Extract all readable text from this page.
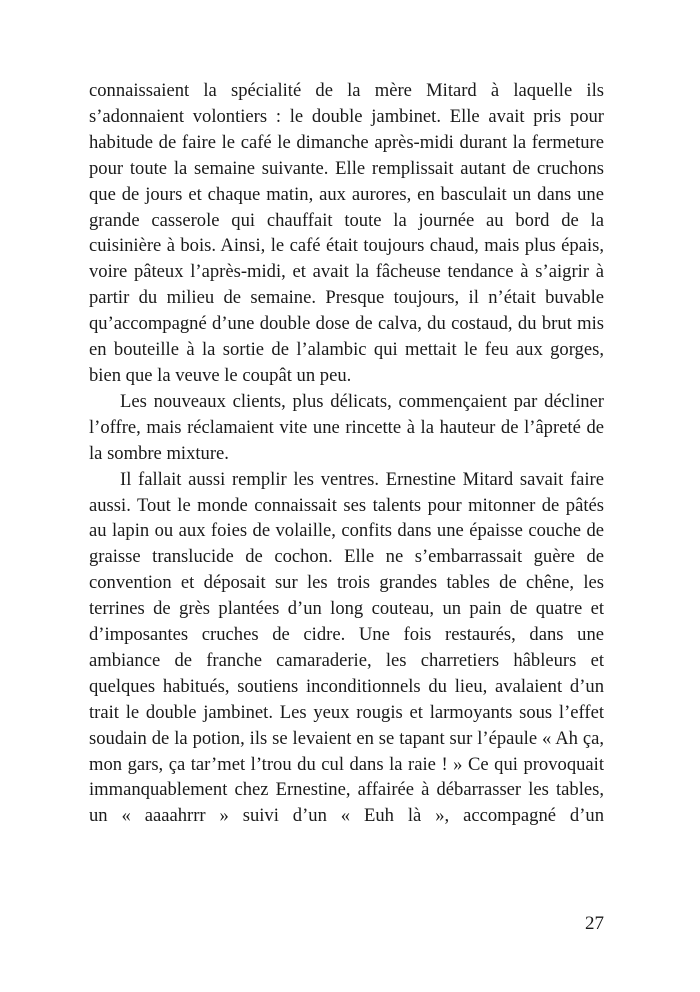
connaissaient la spécialité de la mère Mitard à laquelle ils s’adonnaient volontiers : le double jambinet. Elle avait pris pour habitude de faire le café le dimanche après-midi durant la fermeture pour toute la semaine suivante. Elle remplissait autant de cruchons que de jours et chaque matin, aux aurores, en basculait un dans une grande casserole qui chauffait toute la journée au bord de la cuisinière à bois. Ainsi, le café était toujours chaud, mais plus épais, voire pâteux l’après-midi, et avait la fâcheuse tendance à s’aigrir à partir du milieu de semaine. Presque toujours, il n’était buvable qu’accompagné d’une double dose de calva, du costaud, du brut mis en bouteille à la sortie de l’alambic qui mettait le feu aux gorges, bien que la veuve le coupât un peu.

Les nouveaux clients, plus délicats, commençaient par décliner l’offre, mais réclamaient vite une rincette à la hauteur de l’âpreté de la sombre mixture.

Il fallait aussi remplir les ventres. Ernestine Mitard savait faire aussi. Tout le monde connaissait ses talents pour mitonner de pâtés au lapin ou aux foies de volaille, confits dans une épaisse couche de graisse translucide de cochon. Elle ne s’embarrassait guère de convention et déposait sur les trois grandes tables de chêne, les terrines de grès plantées d’un long couteau, un pain de quatre et d’imposantes cruches de cidre. Une fois restaurés, dans une ambiance de franche camaraderie, les charretiers hâbleurs et quelques habitués, soutiens inconditionnels du lieu, avalaient d’un trait le double jambinet. Les yeux rougis et larmoyants sous l’effet soudain de la potion, ils se levaient en se tapant sur l’épaule « Ah ça, mon gars, ça tar’met l’trou du cul dans la raie ! » Ce qui provoquait immanquablement chez Ernestine, affairée à débarrasser les tables, un « aaaahrrr » suivi d’un « Euh là », accompagné d’un

27
